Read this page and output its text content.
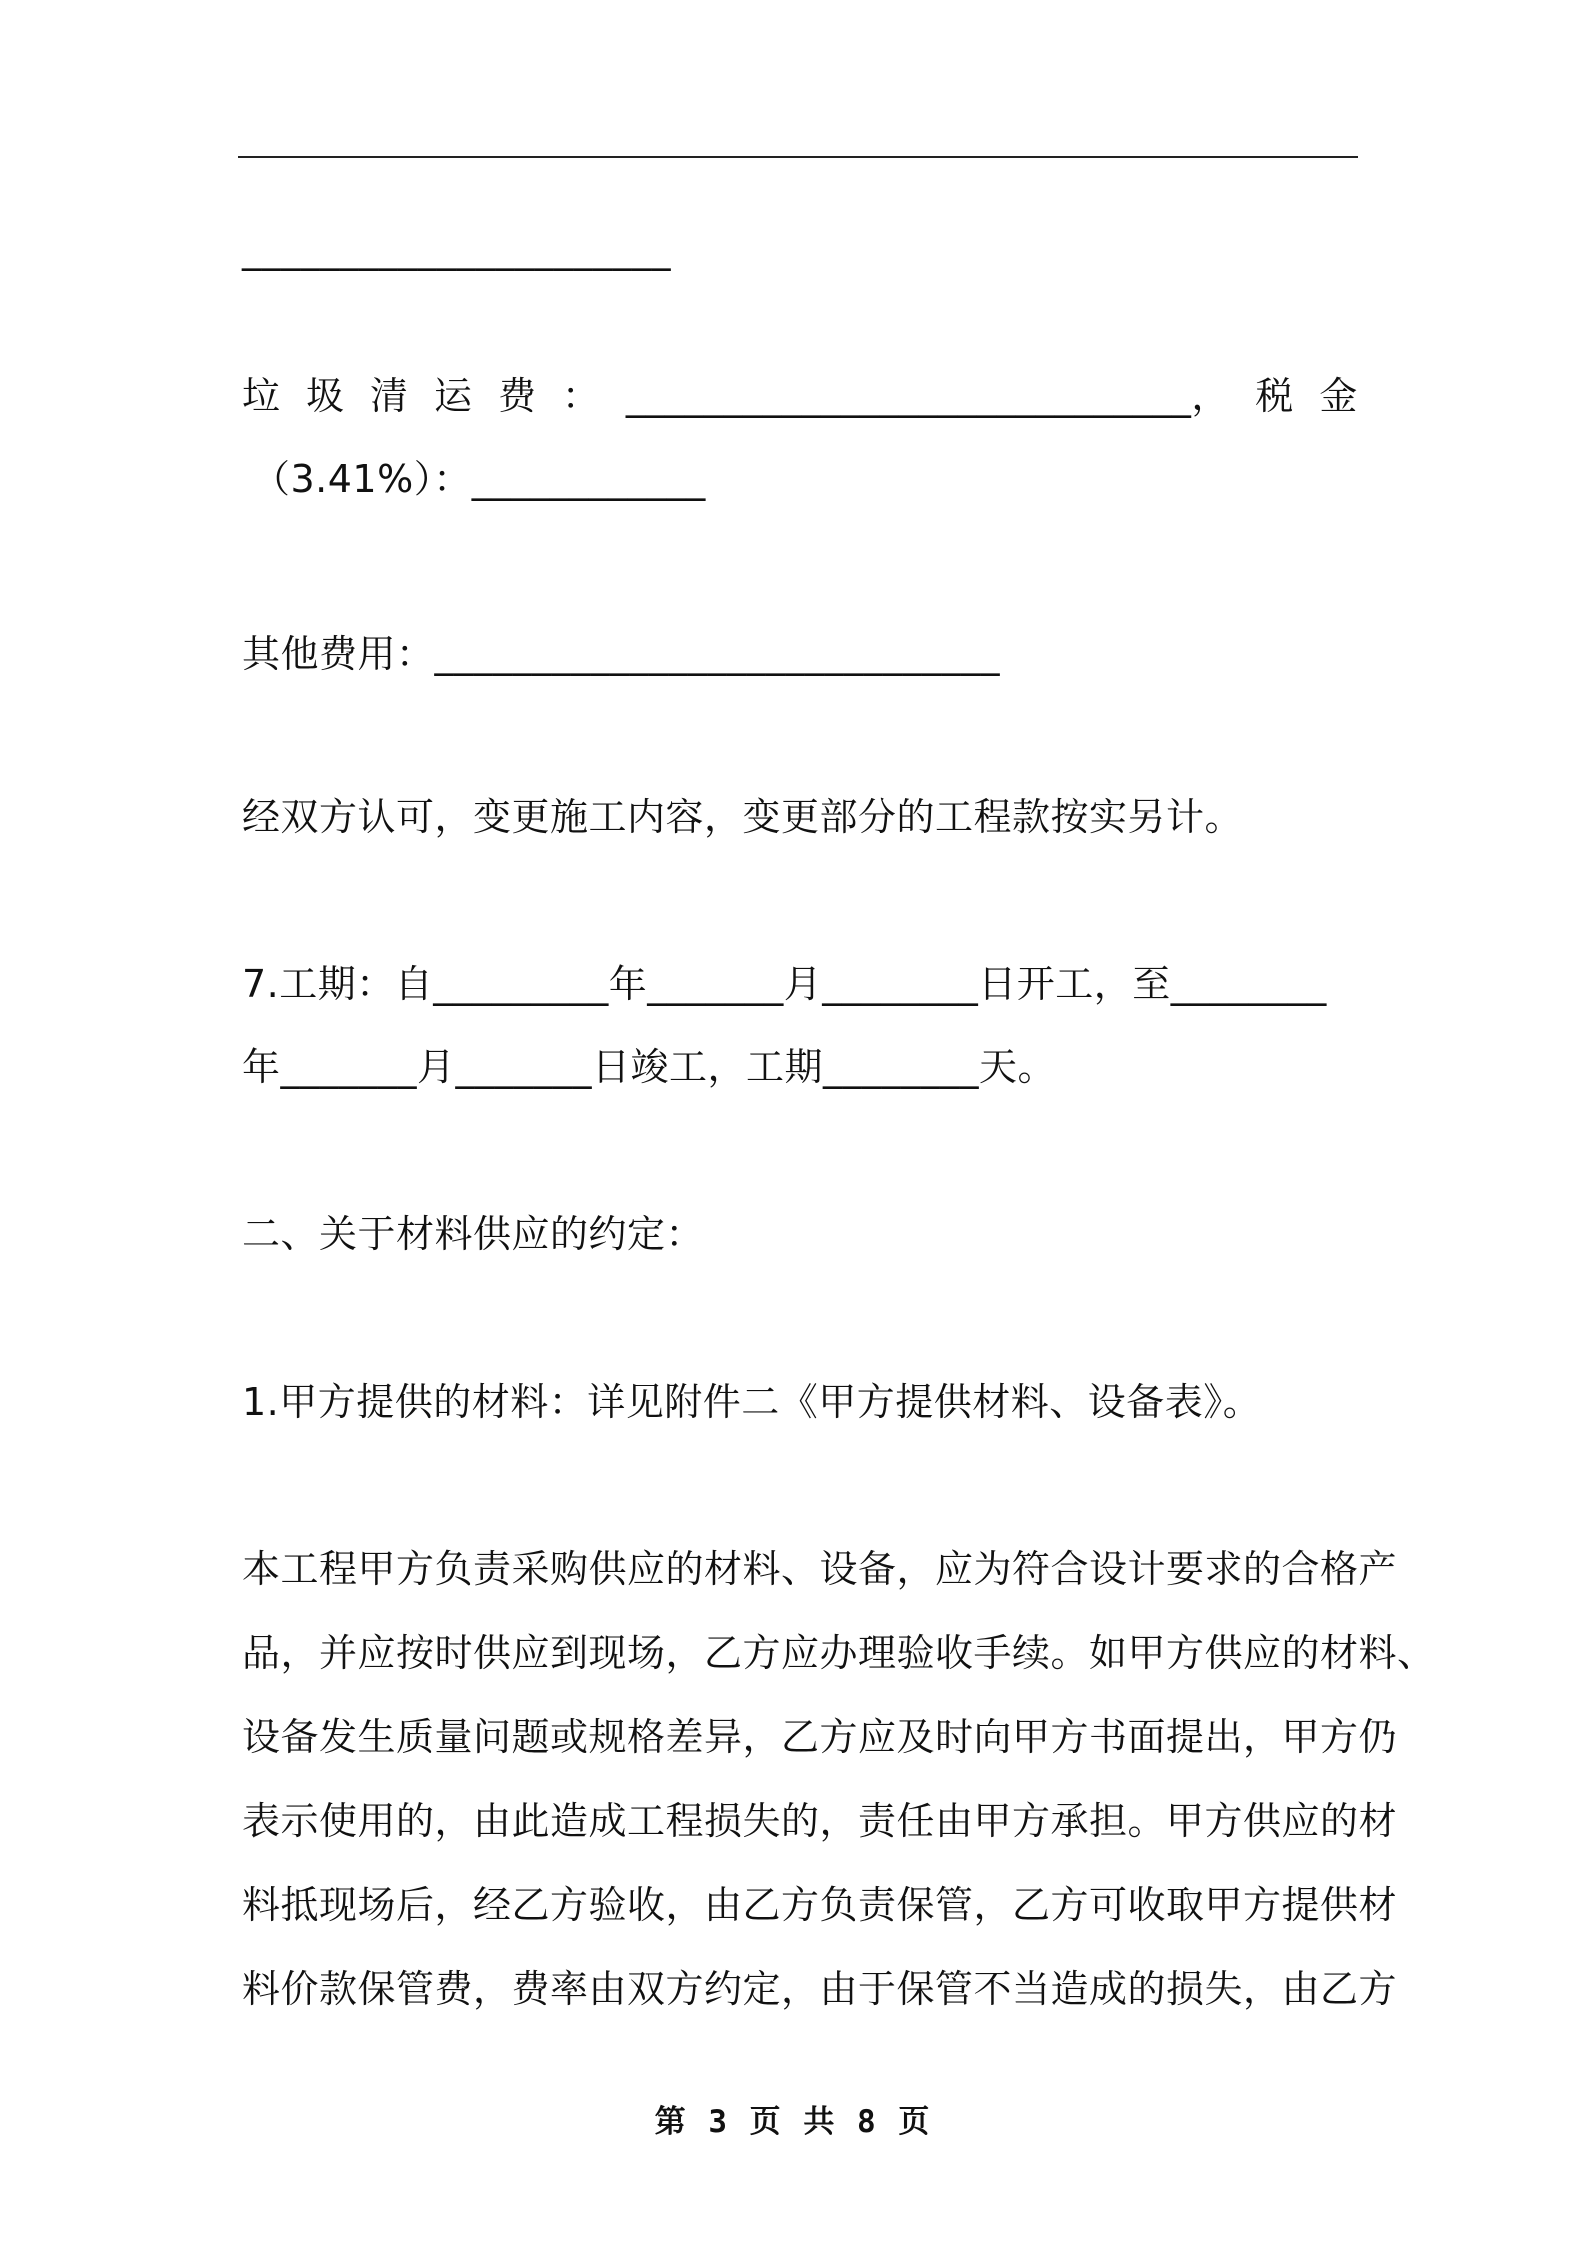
______________________
垃 圾 清 运 费 ： _____________________________， 税 金
（3.41%）：____________
其他费用：_____________________________
经双方认可，变更施工内容，变更部分的工程款按实另计。
7.工期：自_________年_______月________日开工，至________
年_______月_______日竣工，工期________天。
二、关于材料供应的约定：
1.甲方提供的材料：详见附件二《甲方提供材料、设备表》。
本工程甲方负责采购供应的材料、设备，应为符合设计要求的合格产
品，并应按时供应到现场，乙方应办理验收手续。如甲方供应的材料、
设备发生质量问题或规格差异，乙方应及时向甲方书面提出，甲方仍
表示使用的，由此造成工程损失的，责任由甲方承担。甲方供应的材
料抵现场后，经乙方验收，由乙方负责保管，乙方可收取甲方提供材
料价款保管费，费率由双方约定，由于保管不当造成的损失，由乙方
第 3 页 共 8 页
